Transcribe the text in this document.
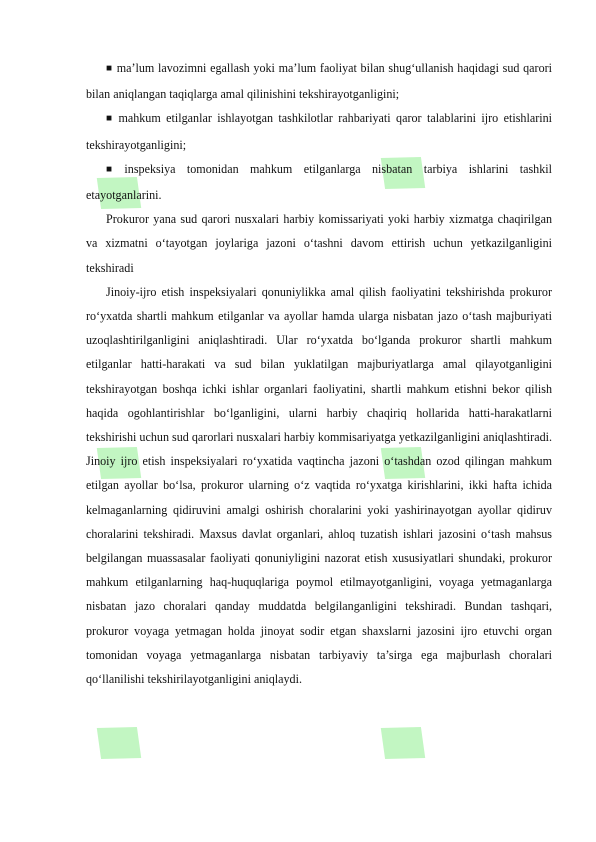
■ ma’lum lavozimni egallash yoki ma’lum faoliyat bilan shug‘ullanish haqidagi sud qarori bilan aniqlangan taqiqlarga amal qilinishini tekshirayotganligini;

■ mahkum etilganlar ishlayotgan tashkilotlar rahbariyati qaror talablarini ijro etishlarini tekshirayotganligini;

■ inspeksiya tomonidan mahkum etilganlarga nisbatan tarbiya ishlarini tashkil etayotganlarini.

Prokuror yana sud qarori nusxalari harbiy komissariyati yoki harbiy xizmatga chaqirilgan va xizmatni o‘tayotgan joylariga jazoni o‘tashni davom ettirish uchun yetkazilganligini tekshiradi

Jinoiy-ijro etish inspeksiyalari qonuniylikka amal qilish faoliyatini tekshirishda prokuror ro‘yxatda shartli mahkum etilganlar va ayollar hamda ularga nisbatan jazo o‘tash majburiyati uzoqlashtirilganligini aniqlashtiradi. Ular ro‘yxatda bo‘lganda prokuror shartli mahkum etilganlar hatti-harakati va sud bilan yuklatilgan majburiyatlarga amal qilayotganligini tekshirayotgan boshqa ichki ishlar organlari faoliyatini, shartli mahkum etishni bekor qilish haqida ogohlantirishlar bo‘lganligini, ularni harbiy chaqiriq hollarida hatti-harakatlarni tekshirishi uchun sud qarorlari nusxalari harbiy kommisariyatga yetkazilganligini aniqlashtiradi. Jinoiy ijro etish inspeksiyalari ro‘yxatida vaqtincha jazoni o‘tashdan ozod qilingan mahkum etilgan ayollar bo‘lsa, prokuror ularning o‘z vaqtida ro‘yxatga kirishlarini, ikki hafta ichida kelmaganlarning qidiruvini amalgi oshirish choralarini yoki yashirinayotgan ayollar qidiruv choralarini tekshiradi. Maxsus davlat organlari, ahloq tuzatish ishlari jazosini o‘tash mahsus belgilangan muassasalar faoliyati qonuniyligini nazorat etish xususiyatlari shundaki, prokuror mahkum etilganlarning haq-huquqlariga poymol etilmayotganligini, voyaga yetmaganlarga nisbatan jazo choralari qanday muddatda belgilanganligini tekshiradi. Bundan tashqari, prokuror voyaga yetmagan holda jinoyat sodir etgan shaxslarni jazosini ijro etuvchi organ tomonidan voyaga yetmaganlarga nisbatan tarbiyaviy ta’sirga ega majburlash choralari qo‘llanilishi tekshirilayotganligini aniqlaydi.
